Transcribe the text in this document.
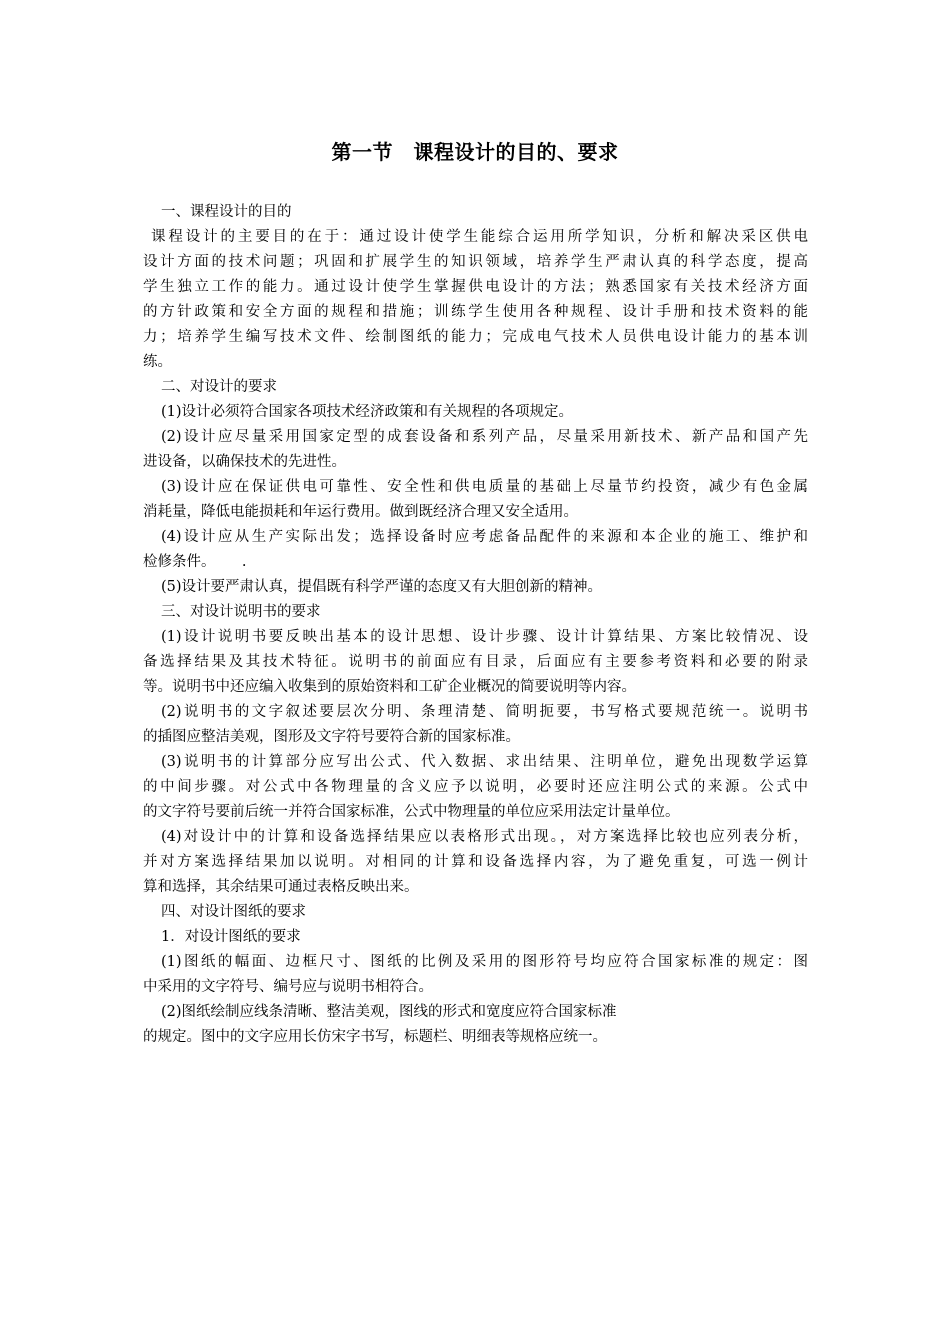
第一节　课程设计的目的、要求
一、课程设计的目的
课程设计的主要目的在于：通过设计使学生能综合运用所学知识，分析和解决采区供电
设计方面的技术问题；巩固和扩展学生的知识领域，培养学生严肃认真的科学态度，提高
学生独立工作的能力。通过设计使学生掌握供电设计的方法；熟悉国家有关技术经济方面
的方针政策和安全方面的规程和措施；训练学生使用各种规程、设计手册和技术资料的能
力；培养学生编写技术文件、绘制图纸的能力；完成电气技术人员供电设计能力的基本训
练。
二、对设计的要求
(1)设计必须符合国家各项技术经济政策和有关规程的各项规定。
(2)设计应尽量采用国家定型的成套设备和系列产品，尽量采用新技术、新产品和国产先
进设备，以确保技术的先进性。
(3)设计应在保证供电可靠性、安全性和供电质量的基础上尽量节约投资，减少有色金属
消耗量，降低电能损耗和年运行费用。做到既经济合理又安全适用。
(4)设计应从生产实际出发；选择设备时应考虑备品配件的来源和本企业的施工、维护和
检修条件。　　 .
(5)设计要严肃认真，提倡既有科学严谨的态度又有大胆创新的精神。
三、对设计说明书的要求
(1)设计说明书要反映出基本的设计思想、设计步骤、设计计算结果、方案比较情况、设
备选择结果及其技术特征。说明书的前面应有目录，后面应有主要参考资料和必要的附录
等。说明书中还应编入收集到的原始资料和工矿企业概况的简要说明等内容。
(2)说明书的文字叙述要层次分明、条理清楚、简明扼要，书写格式要规范统一。说明书
的插图应整洁美观，图形及文字符号要符合新的国家标准。
(3)说明书的计算部分应写出公式、代入数据、求出结果、注明单位，避免出现数学运算
的中间步骤。对公式中各物理量的含义应予以说明，必要时还应注明公式的来源。公式中
的文字符号要前后统一并符合国家标准，公式中物理量的单位应采用法定计量单位。
(4)对设计中的计算和设备选择结果应以表格形式出现。，对方案选择比较也应列表分析，
并对方案选择结果加以说明。对相同的计算和设备选择内容，为了避免重复，可选一例计
算和选择，其余结果可通过表格反映出来。
四、对设计图纸的要求
1．对设计图纸的要求
(1)图纸的幅面、边框尺寸、图纸的比例及采用的图形符号均应符合国家标准的规定：图
中采用的文字符号、编号应与说明书相符合。
(2)图纸绘制应线条清晰、整洁美观，图线的形式和宽度应符合国家标准
的规定。图中的文字应用长仿宋字书写，标题栏、明细表等规格应统一。
